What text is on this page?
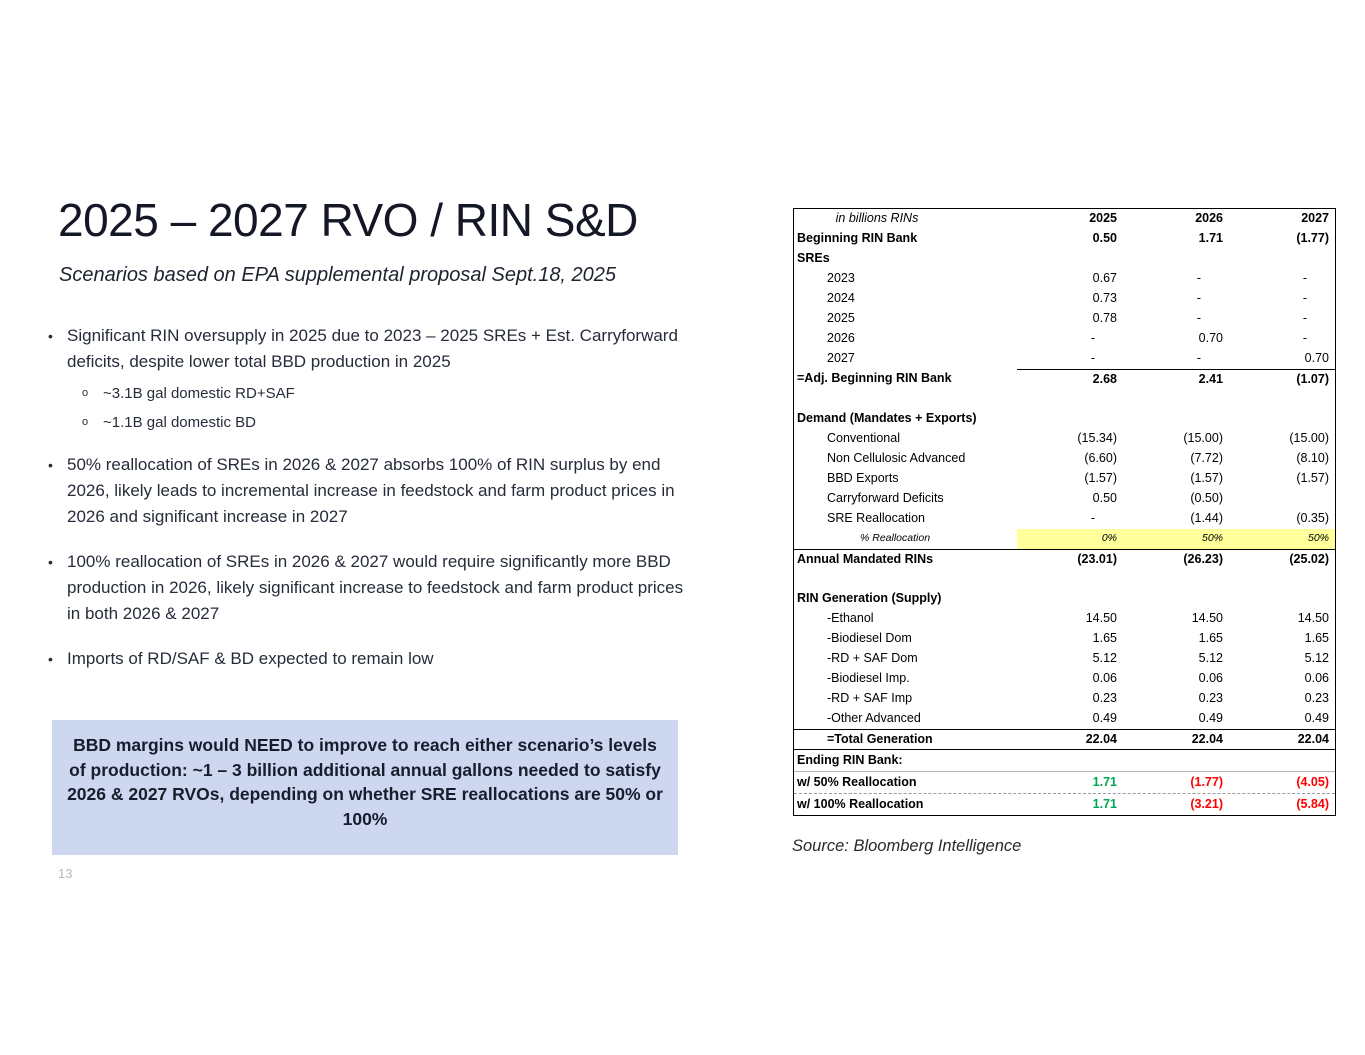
2025 – 2027 RVO / RIN S&D
Scenarios based on EPA supplemental proposal Sept.18, 2025
• Significant RIN oversupply in 2025 due to 2023 – 2025 SREs + Est. Carryforward deficits, despite lower total BBD production in 2025
o ~3.1B gal domestic RD+SAF
o ~1.1B gal domestic BD
• 50% reallocation of SREs in 2026 & 2027 absorbs 100% of RIN surplus by end 2026, likely leads to incremental increase in feedstock and farm product prices in 2026 and significant increase in 2027
• 100% reallocation of SREs in 2026 & 2027 would require significantly more BBD production in 2026, likely significant increase to feedstock and farm product prices in both 2026 & 2027
• Imports of RD/SAF & BD expected to remain low
BBD margins would NEED to improve to reach either scenario’s levels of production: ~1 – 3 billion additional annual gallons needed to satisfy 2026 & 2027 RVOs, depending on whether SRE reallocations are 50% or 100%
13
in billions RINs	2025	2026	2027
Beginning RIN Bank	0.50	1.71	(1.77)
SREs
2023	0.67	-	-
2024	0.73	-	-
2025	0.78	-	-
2026	-	0.70	-
2027	-	-	0.70
=Adj. Beginning RIN Bank	2.68	2.41	(1.07)
Demand (Mandates + Exports)
Conventional	(15.34)	(15.00)	(15.00)
Non Cellulosic Advanced	(6.60)	(7.72)	(8.10)
BBD Exports	(1.57)	(1.57)	(1.57)
Carryforward Deficits	0.50	(0.50)
SRE Reallocation	-	(1.44)	(0.35)
% Reallocation	0%	50%	50%
Annual Mandated RINs	(23.01)	(26.23)	(25.02)
RIN Generation (Supply)
-Ethanol	14.50	14.50	14.50
-Biodiesel Dom	1.65	1.65	1.65
-RD + SAF Dom	5.12	5.12	5.12
-Biodiesel Imp.	0.06	0.06	0.06
-RD + SAF Imp	0.23	0.23	0.23
-Other Advanced	0.49	0.49	0.49
=Total Generation	22.04	22.04	22.04
Ending RIN Bank:
w/ 50% Reallocation	1.71	(1.77)	(4.05)
w/ 100% Reallocation	1.71	(3.21)	(5.84)
Source: Bloomberg Intelligence
